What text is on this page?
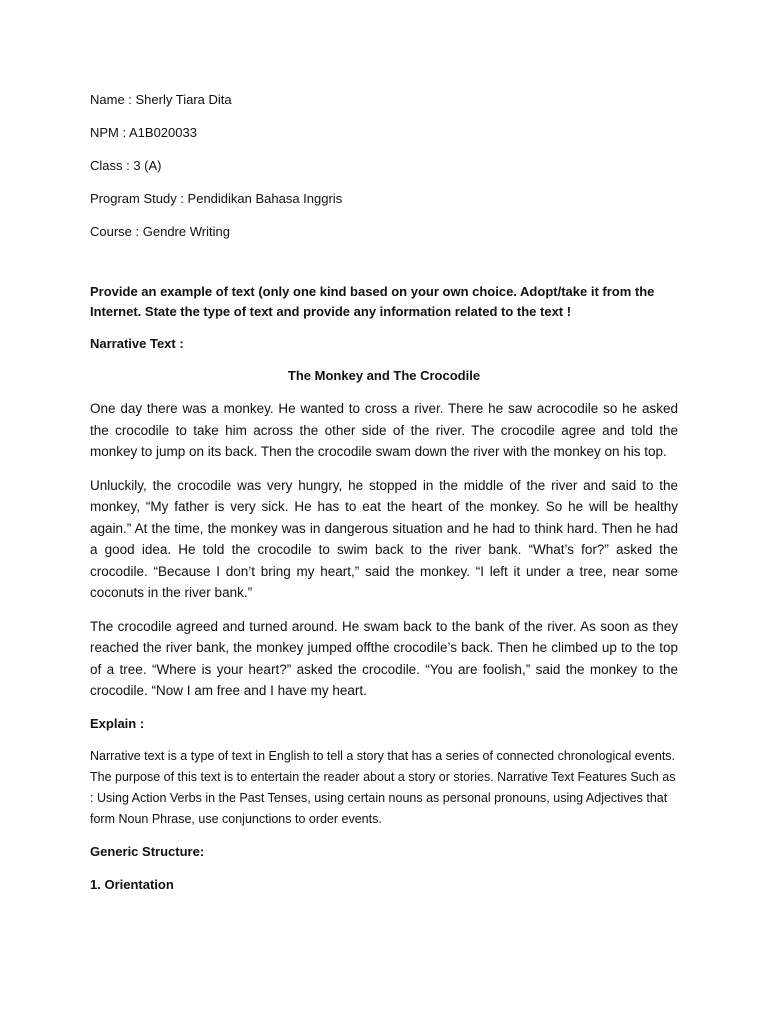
Name : Sherly Tiara Dita
NPM : A1B020033
Class : 3 (A)
Program Study : Pendidikan Bahasa Inggris
Course : Gendre Writing
Provide an example of text (only one kind based on your own choice. Adopt/take it from the Internet. State the type of text and provide any information related to the text !
Narrative Text :
The Monkey and The Crocodile

One day there was a monkey. He wanted to cross a river. There he saw acrocodile so he asked the crocodile to take him across the other side of the river. The crocodile agree and told the monkey to jump on its back. Then the crocodile swam down the river with the monkey on his top.

Unluckily, the crocodile was very hungry, he stopped in the middle of the river and said to the monkey, “My father is very sick. He has to eat the heart of the monkey. So he will be healthy again.” At the time, the monkey was in dangerous situation and he had to think hard. Then he had a good idea. He told the crocodile to swim back to the river bank. “What’s for?” asked the crocodile. “Because I don’t bring my heart,” said the monkey. “I left it under a tree, near some coconuts in the river bank.”

The crocodile agreed and turned around. He swam back to the bank of the river. As soon as they reached the river bank, the monkey jumped offthe crocodile’s back. Then he climbed up to the top of a tree. “Where is your heart?” asked the crocodile. “You are foolish,” said the monkey to the crocodile. “Now I am free and I have my heart.

Explain :

Narrative text is a type of text in English to tell a story that has a series of connected chronological events. The purpose of this text is to entertain the reader about a story or stories. Narrative Text Features Such as : Using Action Verbs in the Past Tenses, using certain nouns as personal pronouns, using Adjectives that form Noun Phrase, use conjunctions to order events.

Generic Structure:
1. Orientation
